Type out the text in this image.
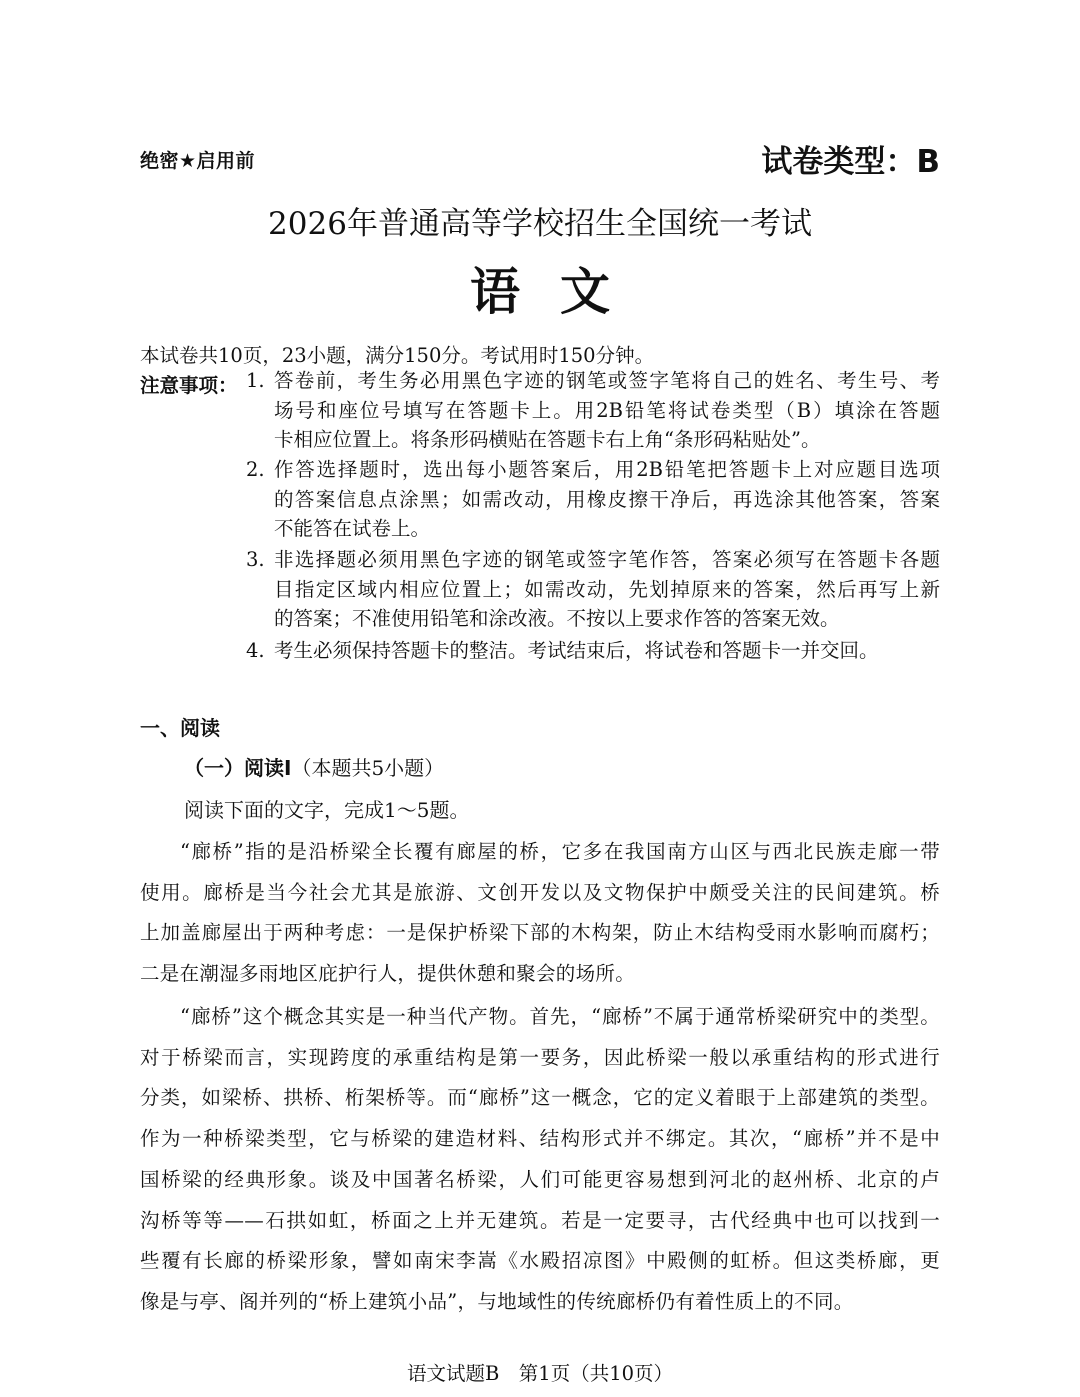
绝密★启用前	试卷类型：B
2026年普通高等学校招生全国统一考试
语 文
本试卷共10页，23小题，满分150分。考试用时150分钟。
注意事项： 1. 答卷前，考生务必用黑色字迹的钢笔或签字笔将自己的姓名、考生号、考
场号和座位号填写在答题卡上。用2B铅笔将试卷类型（B）填涂在答题
卡相应位置上。将条形码横贴在答题卡右上角“条形码粘贴处”。
2. 作答选择题时，选出每小题答案后，用2B铅笔把答题卡上对应题目选项
的答案信息点涂黑；如需改动，用橡皮擦干净后，再选涂其他答案，答案
不能答在试卷上。
3. 非选择题必须用黑色字迹的钢笔或签字笔作答，答案必须写在答题卡各题
目指定区域内相应位置上；如需改动，先划掉原来的答案，然后再写上新
的答案；不准使用铅笔和涂改液。不按以上要求作答的答案无效。
4. 考生必须保持答题卡的整洁。考试结束后，将试卷和答题卡一并交回。
一、阅读
（一）阅读I（本题共5小题）
阅读下面的文字，完成1～5题。
“廊桥”指的是沿桥梁全长覆有廊屋的桥，它多在我国南方山区与西北民族走廊一带
使用。廊桥是当今社会尤其是旅游、文创开发以及文物保护中颇受关注的民间建筑。桥
上加盖廊屋出于两种考虑：一是保护桥梁下部的木构架，防止木结构受雨水影响而腐朽；
二是在潮湿多雨地区庇护行人，提供休憩和聚会的场所。
“廊桥”这个概念其实是一种当代产物。首先，“廊桥”不属于通常桥梁研究中的类型。
对于桥梁而言，实现跨度的承重结构是第一要务，因此桥梁一般以承重结构的形式进行
分类，如梁桥、拱桥、桁架桥等。而“廊桥”这一概念，它的定义着眼于上部建筑的类型。
作为一种桥梁类型，它与桥梁的建造材料、结构形式并不绑定。其次，“廊桥”并不是中
国桥梁的经典形象。谈及中国著名桥梁，人们可能更容易想到河北的赵州桥、北京的卢
沟桥等等——石拱如虹，桥面之上并无建筑。若是一定要寻，古代经典中也可以找到一
些覆有长廊的桥梁形象，譬如南宋李嵩《水殿招凉图》中殿侧的虹桥。但这类桥廊，更
像是与亭、阁并列的“桥上建筑小品”，与地域性的传统廊桥仍有着性质上的不同。
语文试题B　第1页（共10页）
